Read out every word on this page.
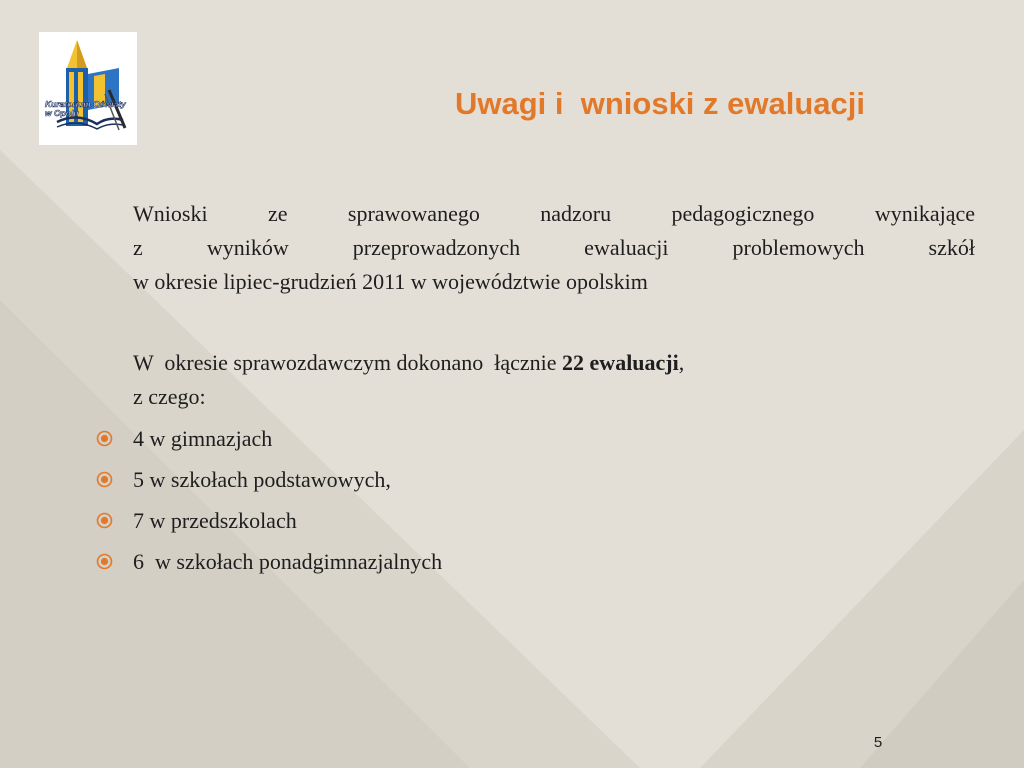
Kuratorium Oświaty
w Opolu	Uwagi i  wnioski z ewaluacji

Wnioski ze sprawowanego nadzoru pedagogicznego wynikające
z wyników przeprowadzonych ewaluacji problemowych szkół
w okresie lipiec-grudzień 2011 w województwie opolskim

W  okresie sprawozdawczym dokonano  łącznie 22 ewaluacji,
z czego:

4 w gimnazjach

5 w szkołach podstawowych,

7 w przedszkolach

6  w szkołach ponadgimnazjalnych

5
